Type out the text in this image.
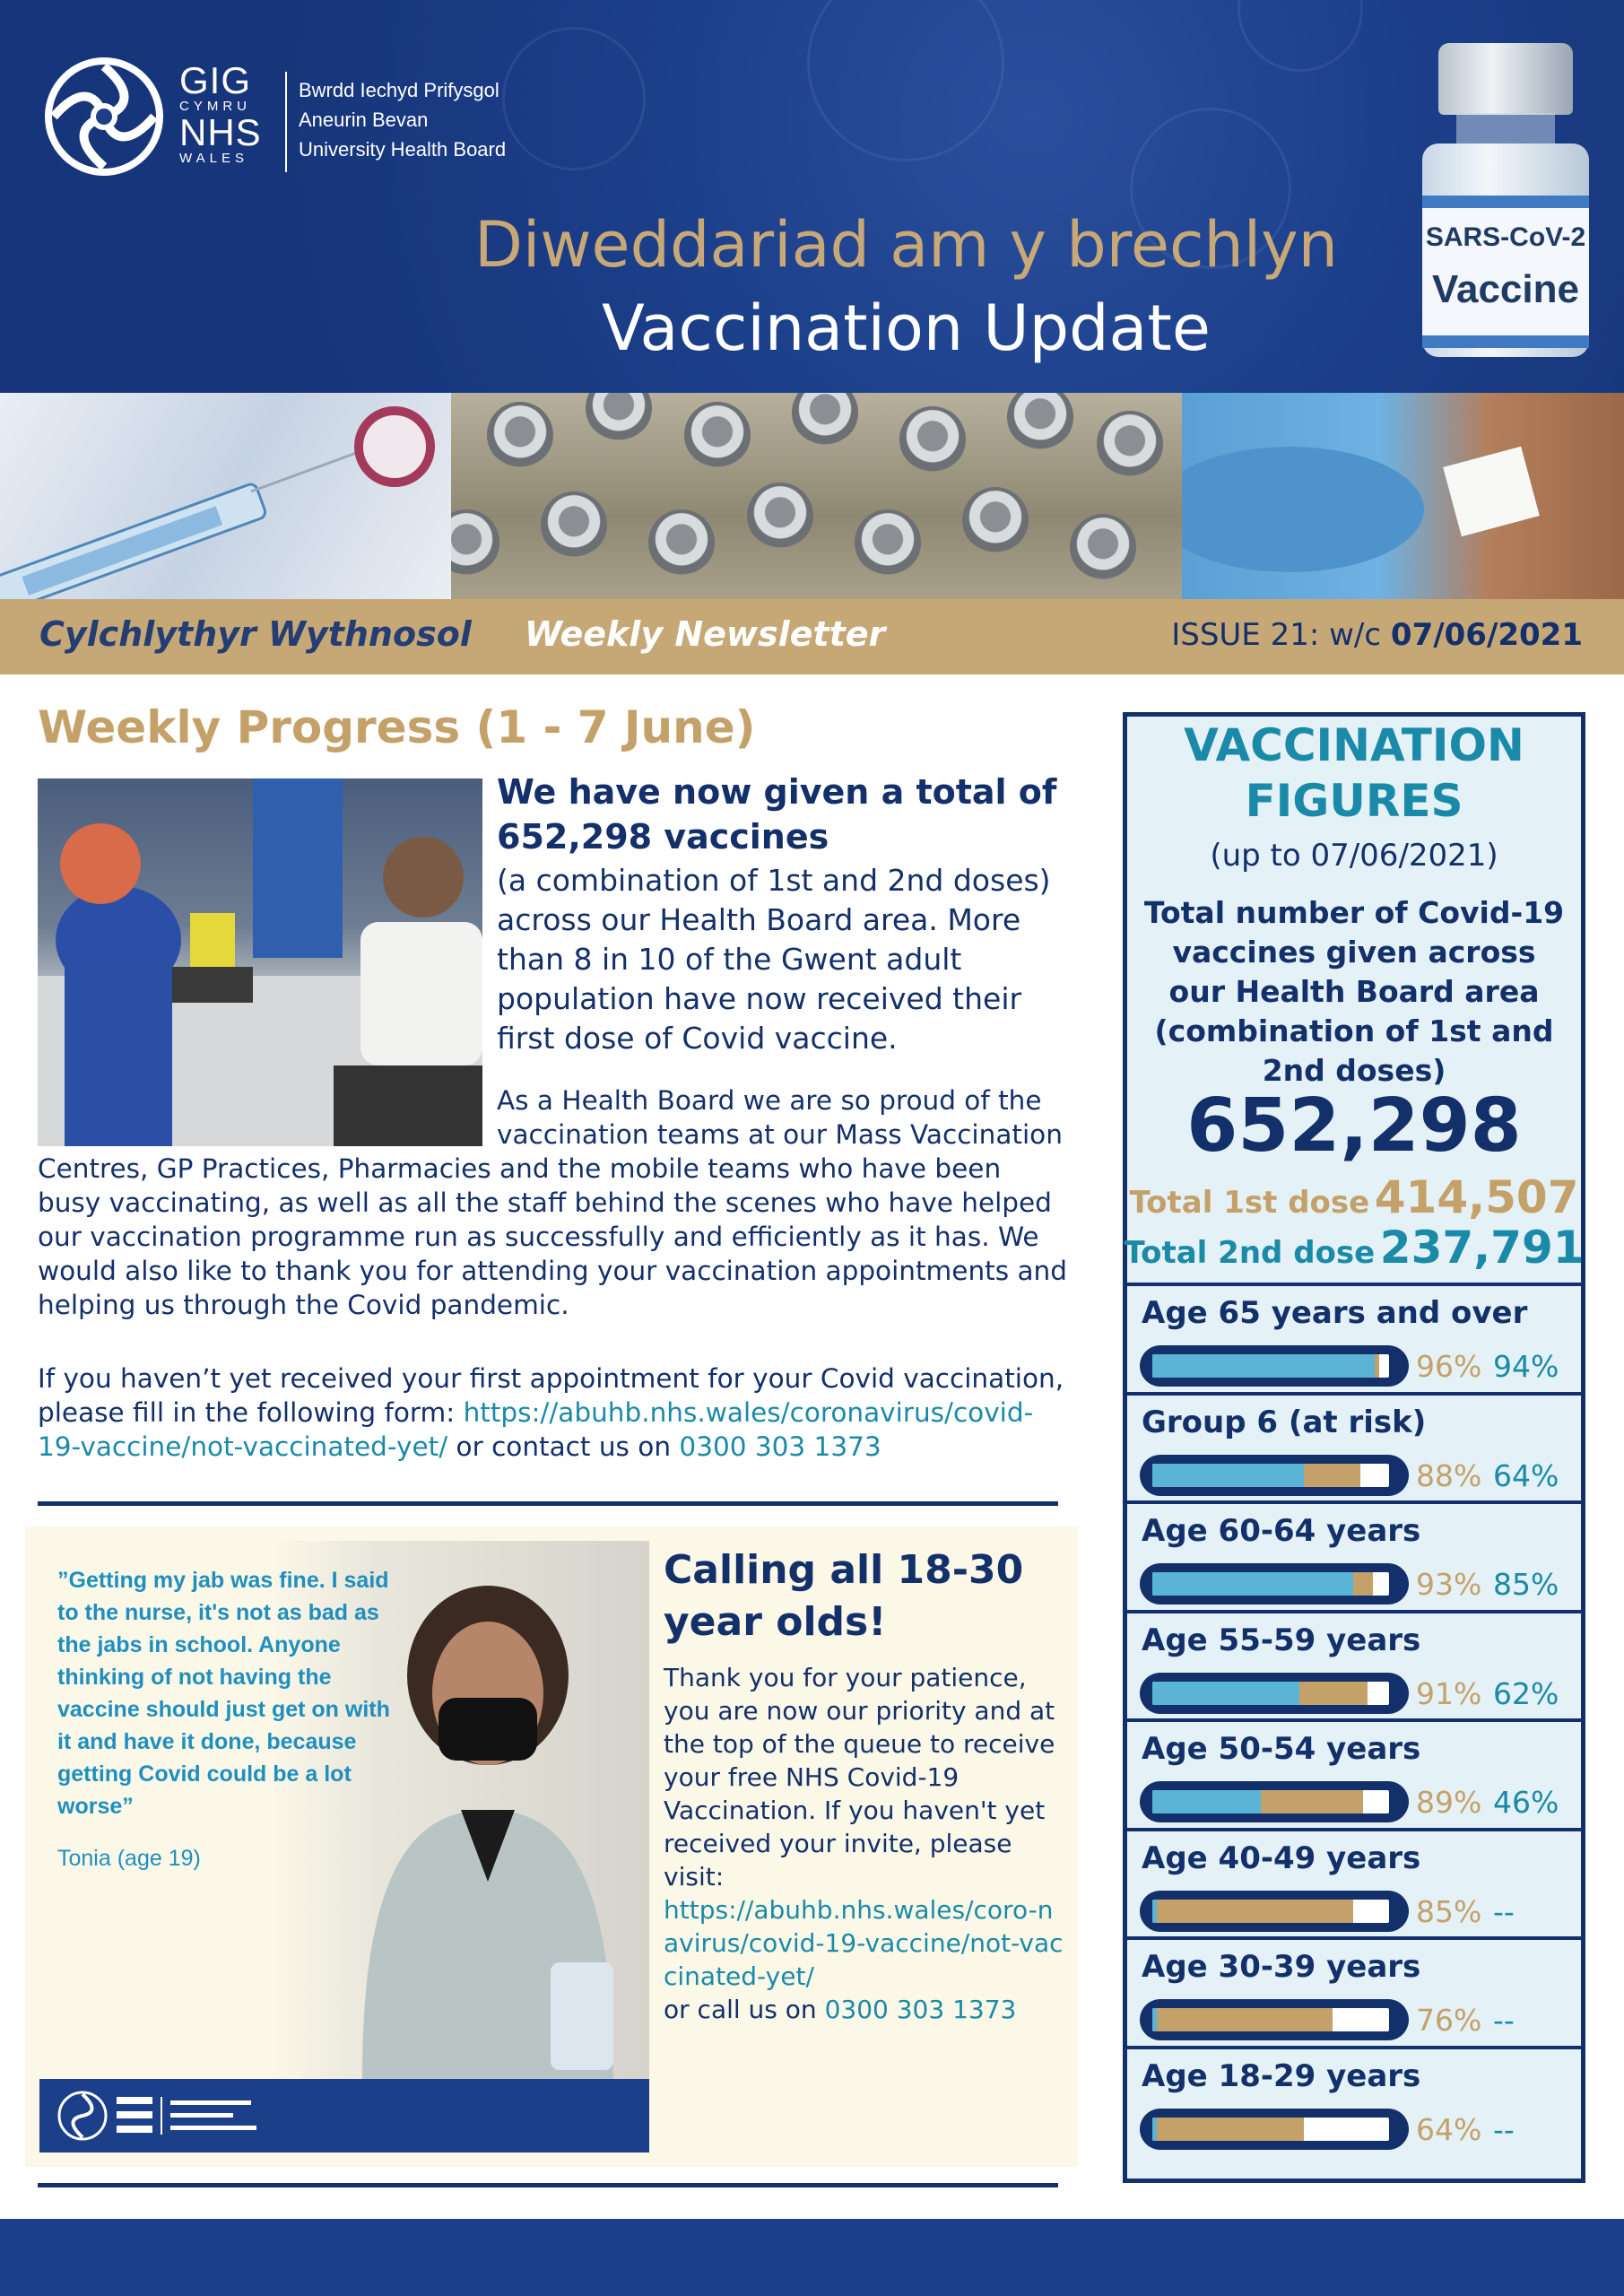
GIG
CYMRU
NHS
WALES
Bwrdd Iechyd Prifysgol
Aneurin Bevan
University Health Board
Diweddariad am y brechlyn
Vaccination Update
SARS-CoV-2
Vaccine
Cylchlythyr Wythnosol Weekly Newsletter	ISSUE 21: w/c 07/06/2021
Weekly Progress (1 - 7 June)
We have now given a total of 652,298 vaccines
(a combination of 1st and 2nd doses) across our Health Board area. More than 8 in 10 of the Gwent adult population have now received their first dose of Covid vaccine.
As a Health Board we are so proud of the vaccination teams at our Mass Vaccination
Centres, GP Practices, Pharmacies and the mobile teams who have been busy vaccinating, as well as all the staff behind the scenes who have helped our vaccination programme run as successfully and efficiently as it has. We would also like to thank you for attending your vaccination appointments and helping us through the Covid pandemic.
If you haven’t yet received your first appointment for your Covid vaccination, please fill in the following form: https://abuhb.nhs.wales/coronavirus/covid-19-vaccine/not-vaccinated-yet/ or contact us on 0300 303 1373
”Getting my jab was fine. I said to the nurse, it's not as bad as the jabs in school. Anyone thinking of not having the vaccine should just get on with it and have it done, because getting Covid could be a lot worse”
Tonia (age 19)
Calling all 18-30 year olds!
Thank you for your patience, you are now our priority and at the top of the queue to receive your free NHS Covid-19 Vaccination. If you haven't yet received your invite, please visit:
https://abuhb.nhs.wales/coro-navirus/covid-19-vaccine/not-vaccinated-yet/
or call us on 0300 303 1373
VACCINATION
FIGURES
(up to 07/06/2021)
Total number of Covid-19 vaccines given across our Health Board area (combination of 1st and 2nd doses)
652,298
Total 1st dose 414,507
Total 2nd dose 237,791
Age 65 years and over
96% 94%
Group 6 (at risk)
88% 64%
Age 60-64 years
93% 85%
Age 55-59 years
91% 62%
Age 50-54 years
89% 46%
Age 40-49 years
85% --
Age 30-39 years
76% --
Age 18-29 years
64% --
